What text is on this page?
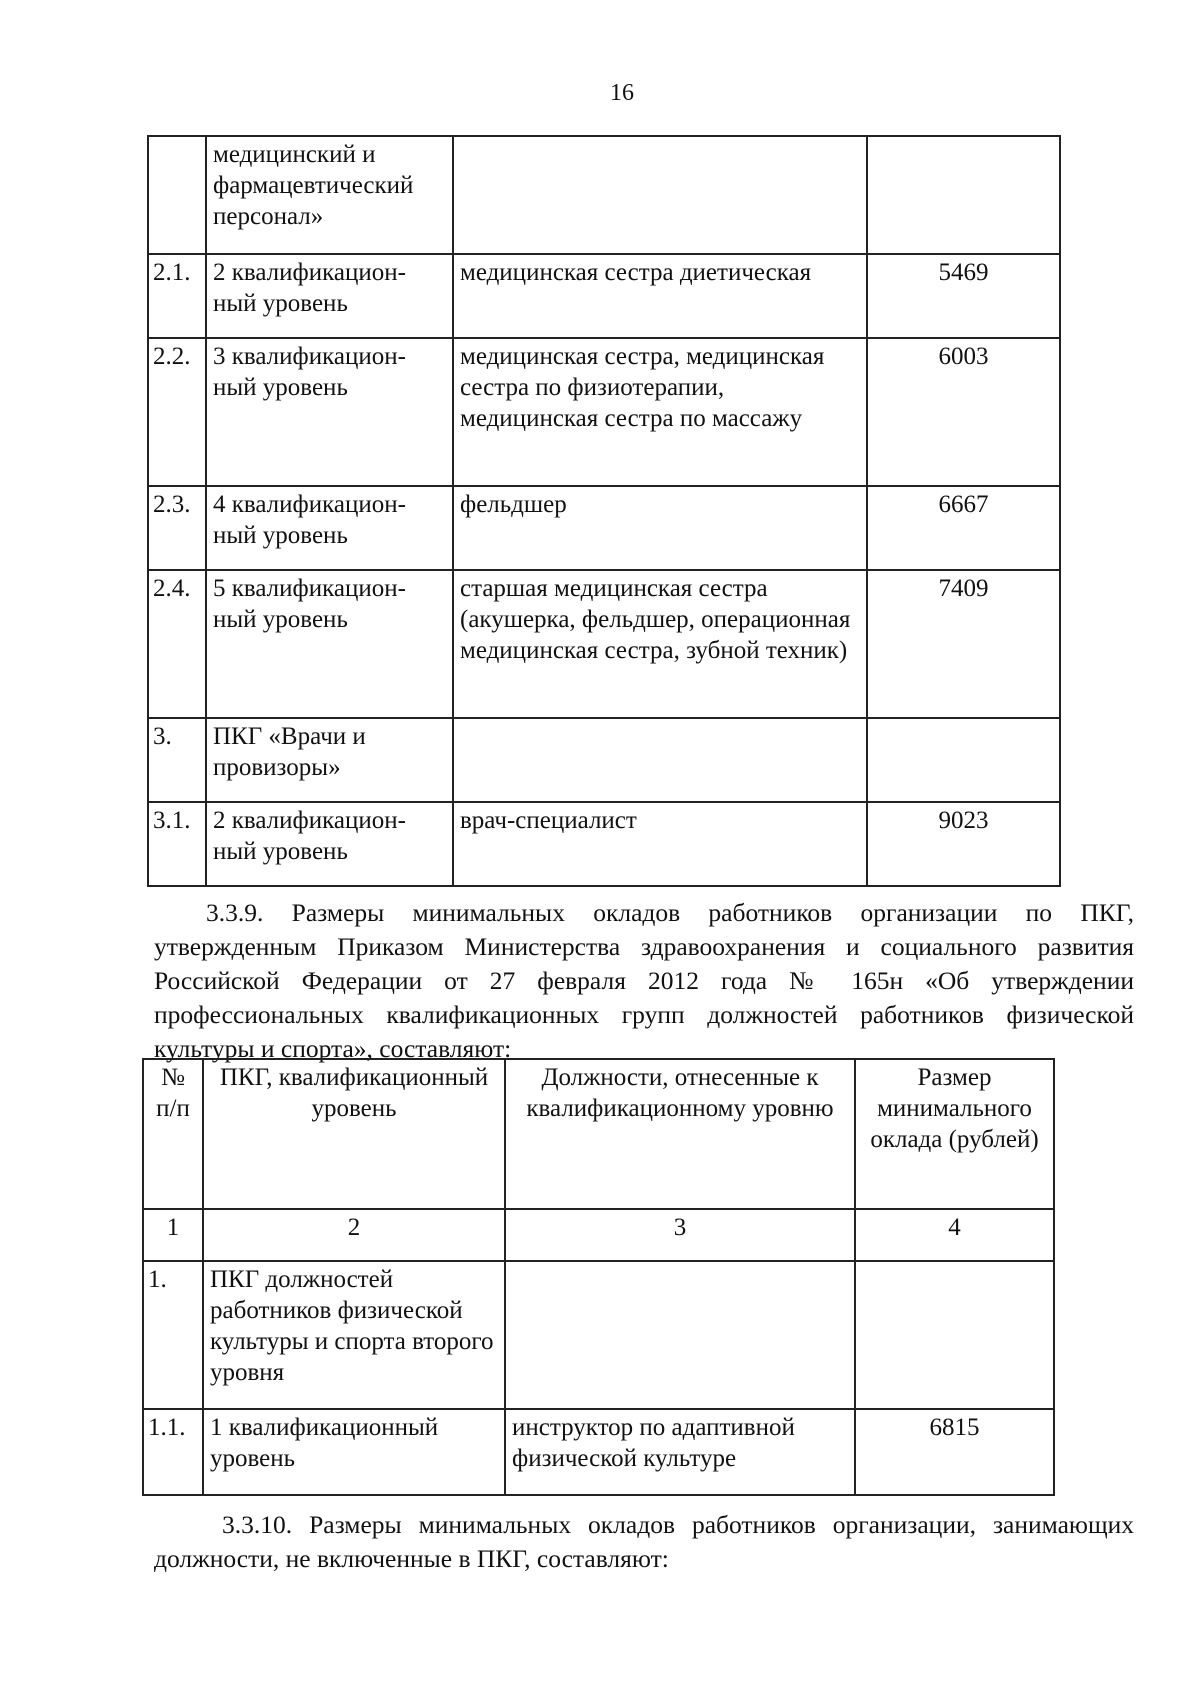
16
	медицинский и фармацевтический персонал»		
2.1.	2 квалификацион-ный уровень	медицинская сестра диетическая	5469
2.2.	3 квалификацион-ный уровень	медицинская сестра, медицинская сестра по физиотерапии, медицинская сестра по массажу	6003
2.3.	4 квалификацион-ный уровень	фельдшер	6667
2.4.	5 квалификацион-ный уровень	старшая медицинская сестра (акушерка, фельдшер, операционная медицинская сестра, зубной техник)	7409
3.	ПКГ «Врачи и провизоры»		
3.1.	2 квалификацион-ный уровень	врач-специалист	9023

3.3.9. Размеры минимальных окладов работников организации по ПКГ, утвержденным Приказом Министерства здравоохранения и социального развития Российской Федерации от 27 февраля 2012 года № 165н «Об утверждении профессиональных квалификационных групп должностей работников физической культуры и спорта», составляют:

№ п/п	ПКГ, квалификационный уровень	Должности, отнесенные к квалификационному уровню	Размер минимального оклада (рублей)
1	2	3	4
1.	ПКГ должностей работников физической культуры и спорта второго уровня		
1.1.	1 квалификационный уровень	инструктор по адаптивной физической культуре	6815

3.3.10. Размеры минимальных окладов работников организации, занимающих должности, не включенные в ПКГ, составляют:
